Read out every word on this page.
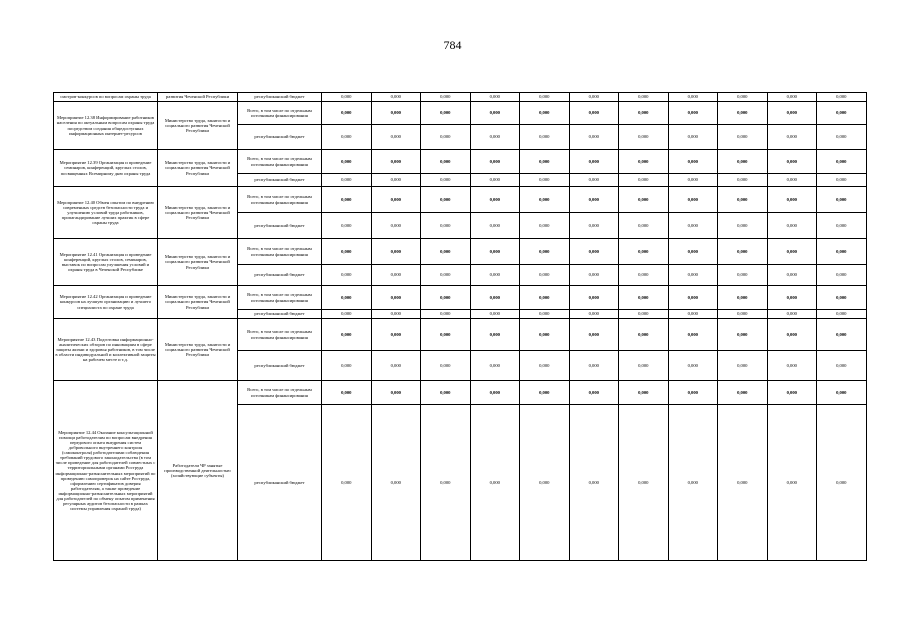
784
смотров-конкурсов по вопросам охраны труда	развития Чеченской Республики	республиканский бюджет	0,000	0,000	0,000	0,000	0,000	0,000	0,000	0,000	0,000	0,000	0,000
Мероприятие 12.38 Информирование работников населения по актуальным вопросам охраны труда посредством создания общедоступных информационных интернет-ресурсов	Министерство труда, занятости и социального развития Чеченской Республики	Всего, в том числе по отдельным источникам финансирования	0,000	0,000	0,000	0,000	0,000	0,000	0,000	0,000	0,000	0,000	0,000
		республиканский бюджет	0,000	0,000	0,000	0,000	0,000	0,000	0,000	0,000	0,000	0,000	0,000
Мероприятие 12.39 Организация и проведение семинаров, конференций, круглых столов, посвященных Всемирному дню охраны труда	Министерство труда, занятости и социального развития Чеченской Республики	Всего, в том числе по отдельным источникам финансирования	0,000	0,000	0,000	0,000	0,000	0,000	0,000	0,000	0,000	0,000	0,000
		республиканский бюджет	0,000	0,000	0,000	0,000	0,000	0,000	0,000	0,000	0,000	0,000	0,000
Мероприятие 12.40 Обмен опытом по внедрению современных средств безопасности труда и улучшению условий труда работников, пропагандирование лучших практик в сфере охраны труда	Министерство труда, занятости и социального развития Чеченской Республики	Всего, в том числе по отдельным источникам финансирования	0,000	0,000	0,000	0,000	0,000	0,000	0,000	0,000	0,000	0,000	0,000
		республиканский бюджет	0,000	0,000	0,000	0,000	0,000	0,000	0,000	0,000	0,000	0,000	0,000
Мероприятие 12.41 Организация и проведение конференций, круглых столов, семинаров, выставок по вопросам улучшения условий и охраны труда в Чеченской Республике	Министерство труда, занятости и социального развития Чеченской Республики	Всего, в том числе по отдельным источникам финансирования	0,000	0,000	0,000	0,000	0,000	0,000	0,000	0,000	0,000	0,000	0,000
		республиканский бюджет	0,000	0,000	0,000	0,000	0,000	0,000	0,000	0,000	0,000	0,000	0,000
Мероприятие 12.42 Организация и проведение конкурсов на лучшую организацию и лучшего специалиста по охране труда	Министерство труда, занятости и социального развития Чеченской Республики	Всего, в том числе по отдельным источникам финансирования	0,000	0,000	0,000	0,000	0,000	0,000	0,000	0,000	0,000	0,000	0,000
		республиканский бюджет	0,000	0,000	0,000	0,000	0,000	0,000	0,000	0,000	0,000	0,000	0,000
Мероприятие 12.43 Подготовка информационно-аналитических обзоров по инновациям в сфере защиты жизни и здоровья работников, в том числе в области индивидуальной и коллективной защиты на рабочем месте и т.д.	Министерство труда, занятости и социального развития Чеченской Республики	Всего, в том числе по отдельным источникам финансирования	0,000	0,000	0,000	0,000	0,000	0,000	0,000	0,000	0,000	0,000	0,000
		республиканский бюджет	0,000	0,000	0,000	0,000	0,000	0,000	0,000	0,000	0,000	0,000	0,000
Мероприятие 12.44 Оказание консультационной помощи работодателям по вопросам внедрения передового опыта внедрения систем добровольного внутреннего контроля (самоконтроля) работодателями соблюдения требований трудового законодательства (в том числе проведение для работодателей совместных с территориальными органами Роструда информационно-разъяснительных мероприятий по проведению самопроверок на сайте Роструда, оформлению сертификатов доверия работодателям, а также проведение информационно-разъяснительных мероприятий для работодателей по обмену опытом применения регулярных аудитов безопасности в рамках системы управления охраной труда)	Работодатели ЧР занятые производственной деятельностью (хозяйствующие субъекты)	Всего, в том числе по отдельным источникам финансирования	0,000	0,000	0,000	0,000	0,000	0,000	0,000	0,000	0,000	0,000	0,000
		республиканский бюджет	0,000	0,000	0,000	0,000	0,000	0,000	0,000	0,000	0,000	0,000	0,000
